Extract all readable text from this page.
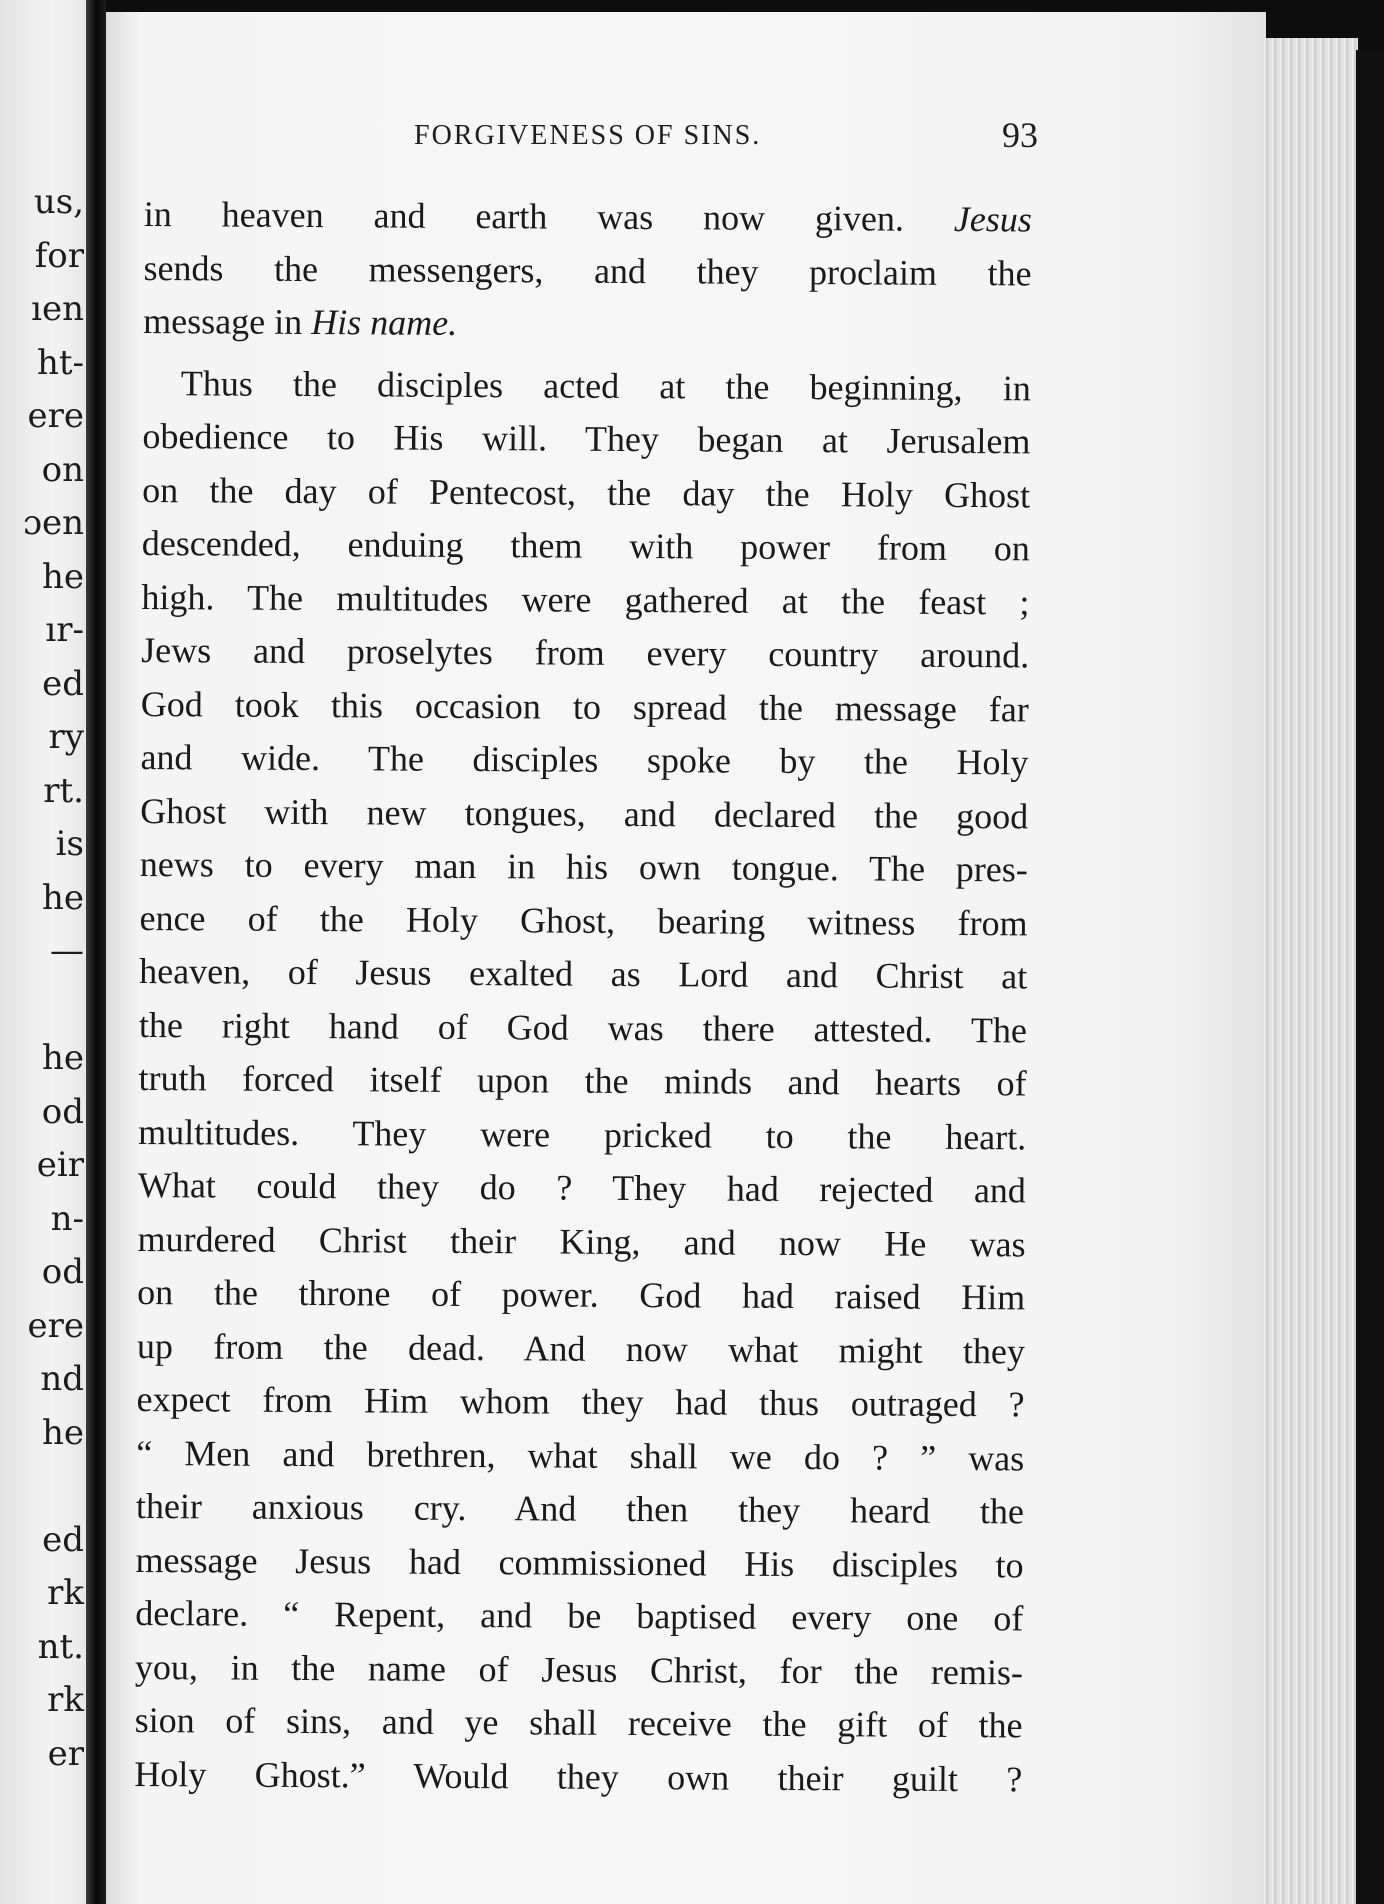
us,
for
ıen
ht-
ere
on
ɔen
he
ır-
ed
ry
rt.
is
he
—
he
od
eir
n-
od
ere
nd
he
ed
rk
nt.
rk
er
FORGIVENESS OF SINS.	93
in heaven and earth was now given. Jesus
sends the messengers, and they proclaim the
message in His name.
Thus the disciples acted at the beginning, in
obedience to His will. They began at Jerusalem
on the day of Pentecost, the day the Holy Ghost
descended, enduing them with power from on
high. The multitudes were gathered at the feast ;
Jews and proselytes from every country around.
God took this occasion to spread the message far
and wide. The disciples spoke by the Holy
Ghost with new tongues, and declared the good
news to every man in his own tongue. The pres-
ence of the Holy Ghost, bearing witness from
heaven, of Jesus exalted as Lord and Christ at
the right hand of God was there attested. The
truth forced itself upon the minds and hearts of
multitudes. They were pricked to the heart.
What could they do ? They had rejected and
murdered Christ their King, and now He was
on the throne of power. God had raised Him
up from the dead. And now what might they
expect from Him whom they had thus outraged ?
“ Men and brethren, what shall we do ? ” was
their anxious cry. And then they heard the
message Jesus had commissioned His disciples to
declare. “ Repent, and be baptised every one of
you, in the name of Jesus Christ, for the remis-
sion of sins, and ye shall receive the gift of the
Holy Ghost.” Would they own their guilt ?
